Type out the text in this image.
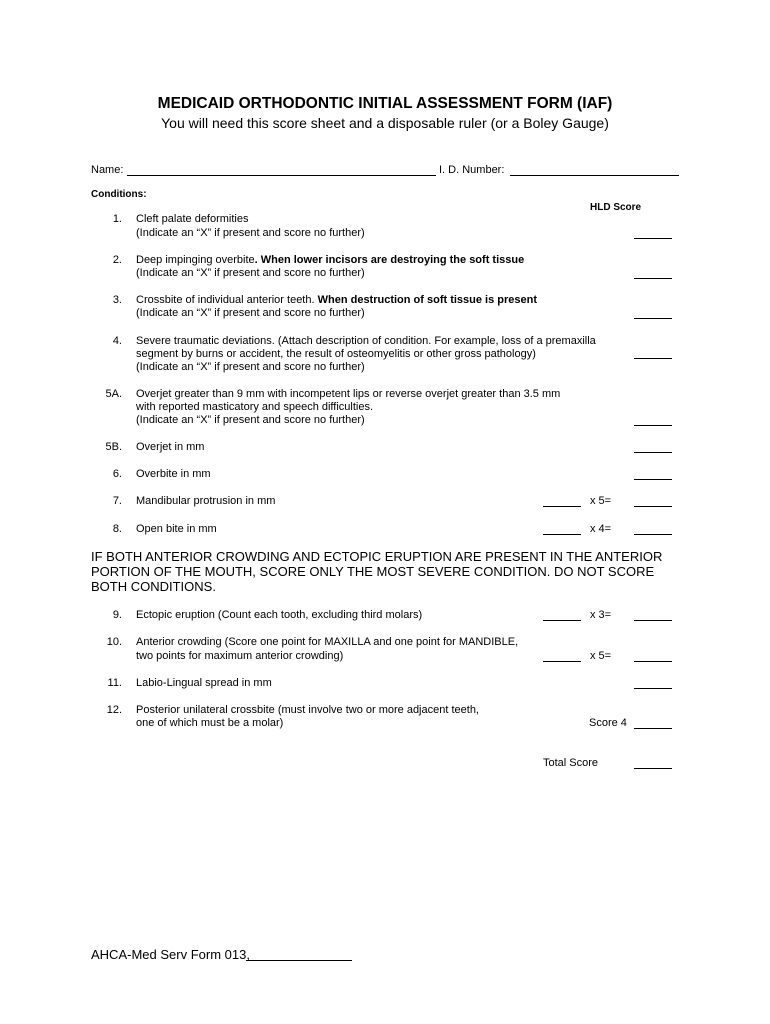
MEDICAID ORTHODONTIC INITIAL ASSESSMENT FORM (IAF)
You will need this score sheet and a disposable ruler (or a Boley Gauge)
Name:	I. D. Number:
Conditions:
HLD Score
1. Cleft palate deformities
(Indicate an “X” if present and score no further)
2. Deep impinging overbite. When lower incisors are destroying the soft tissue
(Indicate an “X” if present and score no further)
3. Crossbite of individual anterior teeth. When destruction of soft tissue is present
(Indicate an “X” if present and score no further)
4. Severe traumatic deviations. (Attach description of condition. For example, loss of a premaxilla
segment by burns or accident, the result of osteomyelitis or other gross pathology)
(Indicate an “X” if present and score no further)
5A. Overjet greater than 9 mm with incompetent lips or reverse overjet greater than 3.5 mm
with reported masticatory and speech difficulties.
(Indicate an “X” if present and score no further)
5B. Overjet in mm
6. Overbite in mm
7. Mandibular protrusion in mm	x 5=
8. Open bite in mm	x 4=
IF BOTH ANTERIOR CROWDING AND ECTOPIC ERUPTION ARE PRESENT IN THE ANTERIOR PORTION OF THE MOUTH, SCORE ONLY THE MOST SEVERE CONDITION. DO NOT SCORE BOTH CONDITIONS.
9. Ectopic eruption (Count each tooth, excluding third molars)	x 3=
10. Anterior crowding (Score one point for MAXILLA and one point for MANDIBLE,
two points for maximum anterior crowding)	x 5=
11. Labio-Lingual spread in mm
12. Posterior unilateral crossbite (must involve two or more adjacent teeth,
one of which must be a molar)	Score 4
Total Score
AHCA-Med Serv Form 013,
